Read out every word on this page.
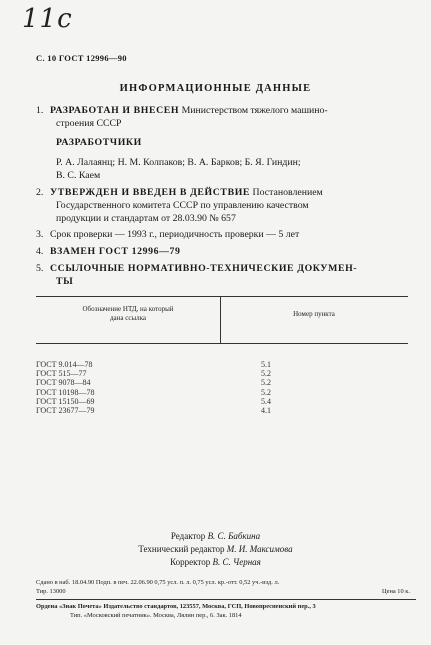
11c
С. 10 ГОСТ 12996—90
ИНФОРМАЦИОННЫЕ ДАННЫЕ
1. РАЗРАБОТАН И ВНЕСЕН Министерством тяжелого машино-
строения СССР
РАЗРАБОТЧИКИ
Р. А. Лалаянц; Н. М. Колпаков; В. А. Барков; Б. Я. Гиндин;
В. С. Каем
2. УТВЕРЖДЕН И ВВЕДЕН В ДЕЙСТВИЕ Постановлением
Государственного комитета СССР по управлению качеством
продукции и стандартам от 28.03.90 № 657
3. Срок проверки — 1993 г., периодичность проверки — 5 лет
4. ВЗАМЕН ГОСТ 12996—79
5. ССЫЛОЧНЫЕ НОРМАТИВНО-ТЕХНИЧЕСКИЕ ДОКУМЕН-
ТЫ
Обозначение НТД, на который
дана ссылка	Номер пункта
ГОСТ 9.014—78	5.1
ГОСТ 515—77	5.2
ГОСТ 9078—84	5.2
ГОСТ 10198—78	5.2
ГОСТ 15150—69	5.4
ГОСТ 23677—79	4.1
Редактор В. С. Бабкина
Технический редактор М. И. Максимова
Корректор В. С. Черная
Сдано в наб. 18.04.90 Подп. в печ. 22.06.90 0,75 усл. п. л. 0,75 усл. кр.-отт. 0,52 уч.-изд. л.
Тир. 13000	Цена 10 к.
Ордена «Знак Почета» Издательство стандартов, 123557, Москва, ГСП, Новопресненский пер., 3
Тип. «Московский печатник». Москва, Лялин пер., 6. Зак. 1814
